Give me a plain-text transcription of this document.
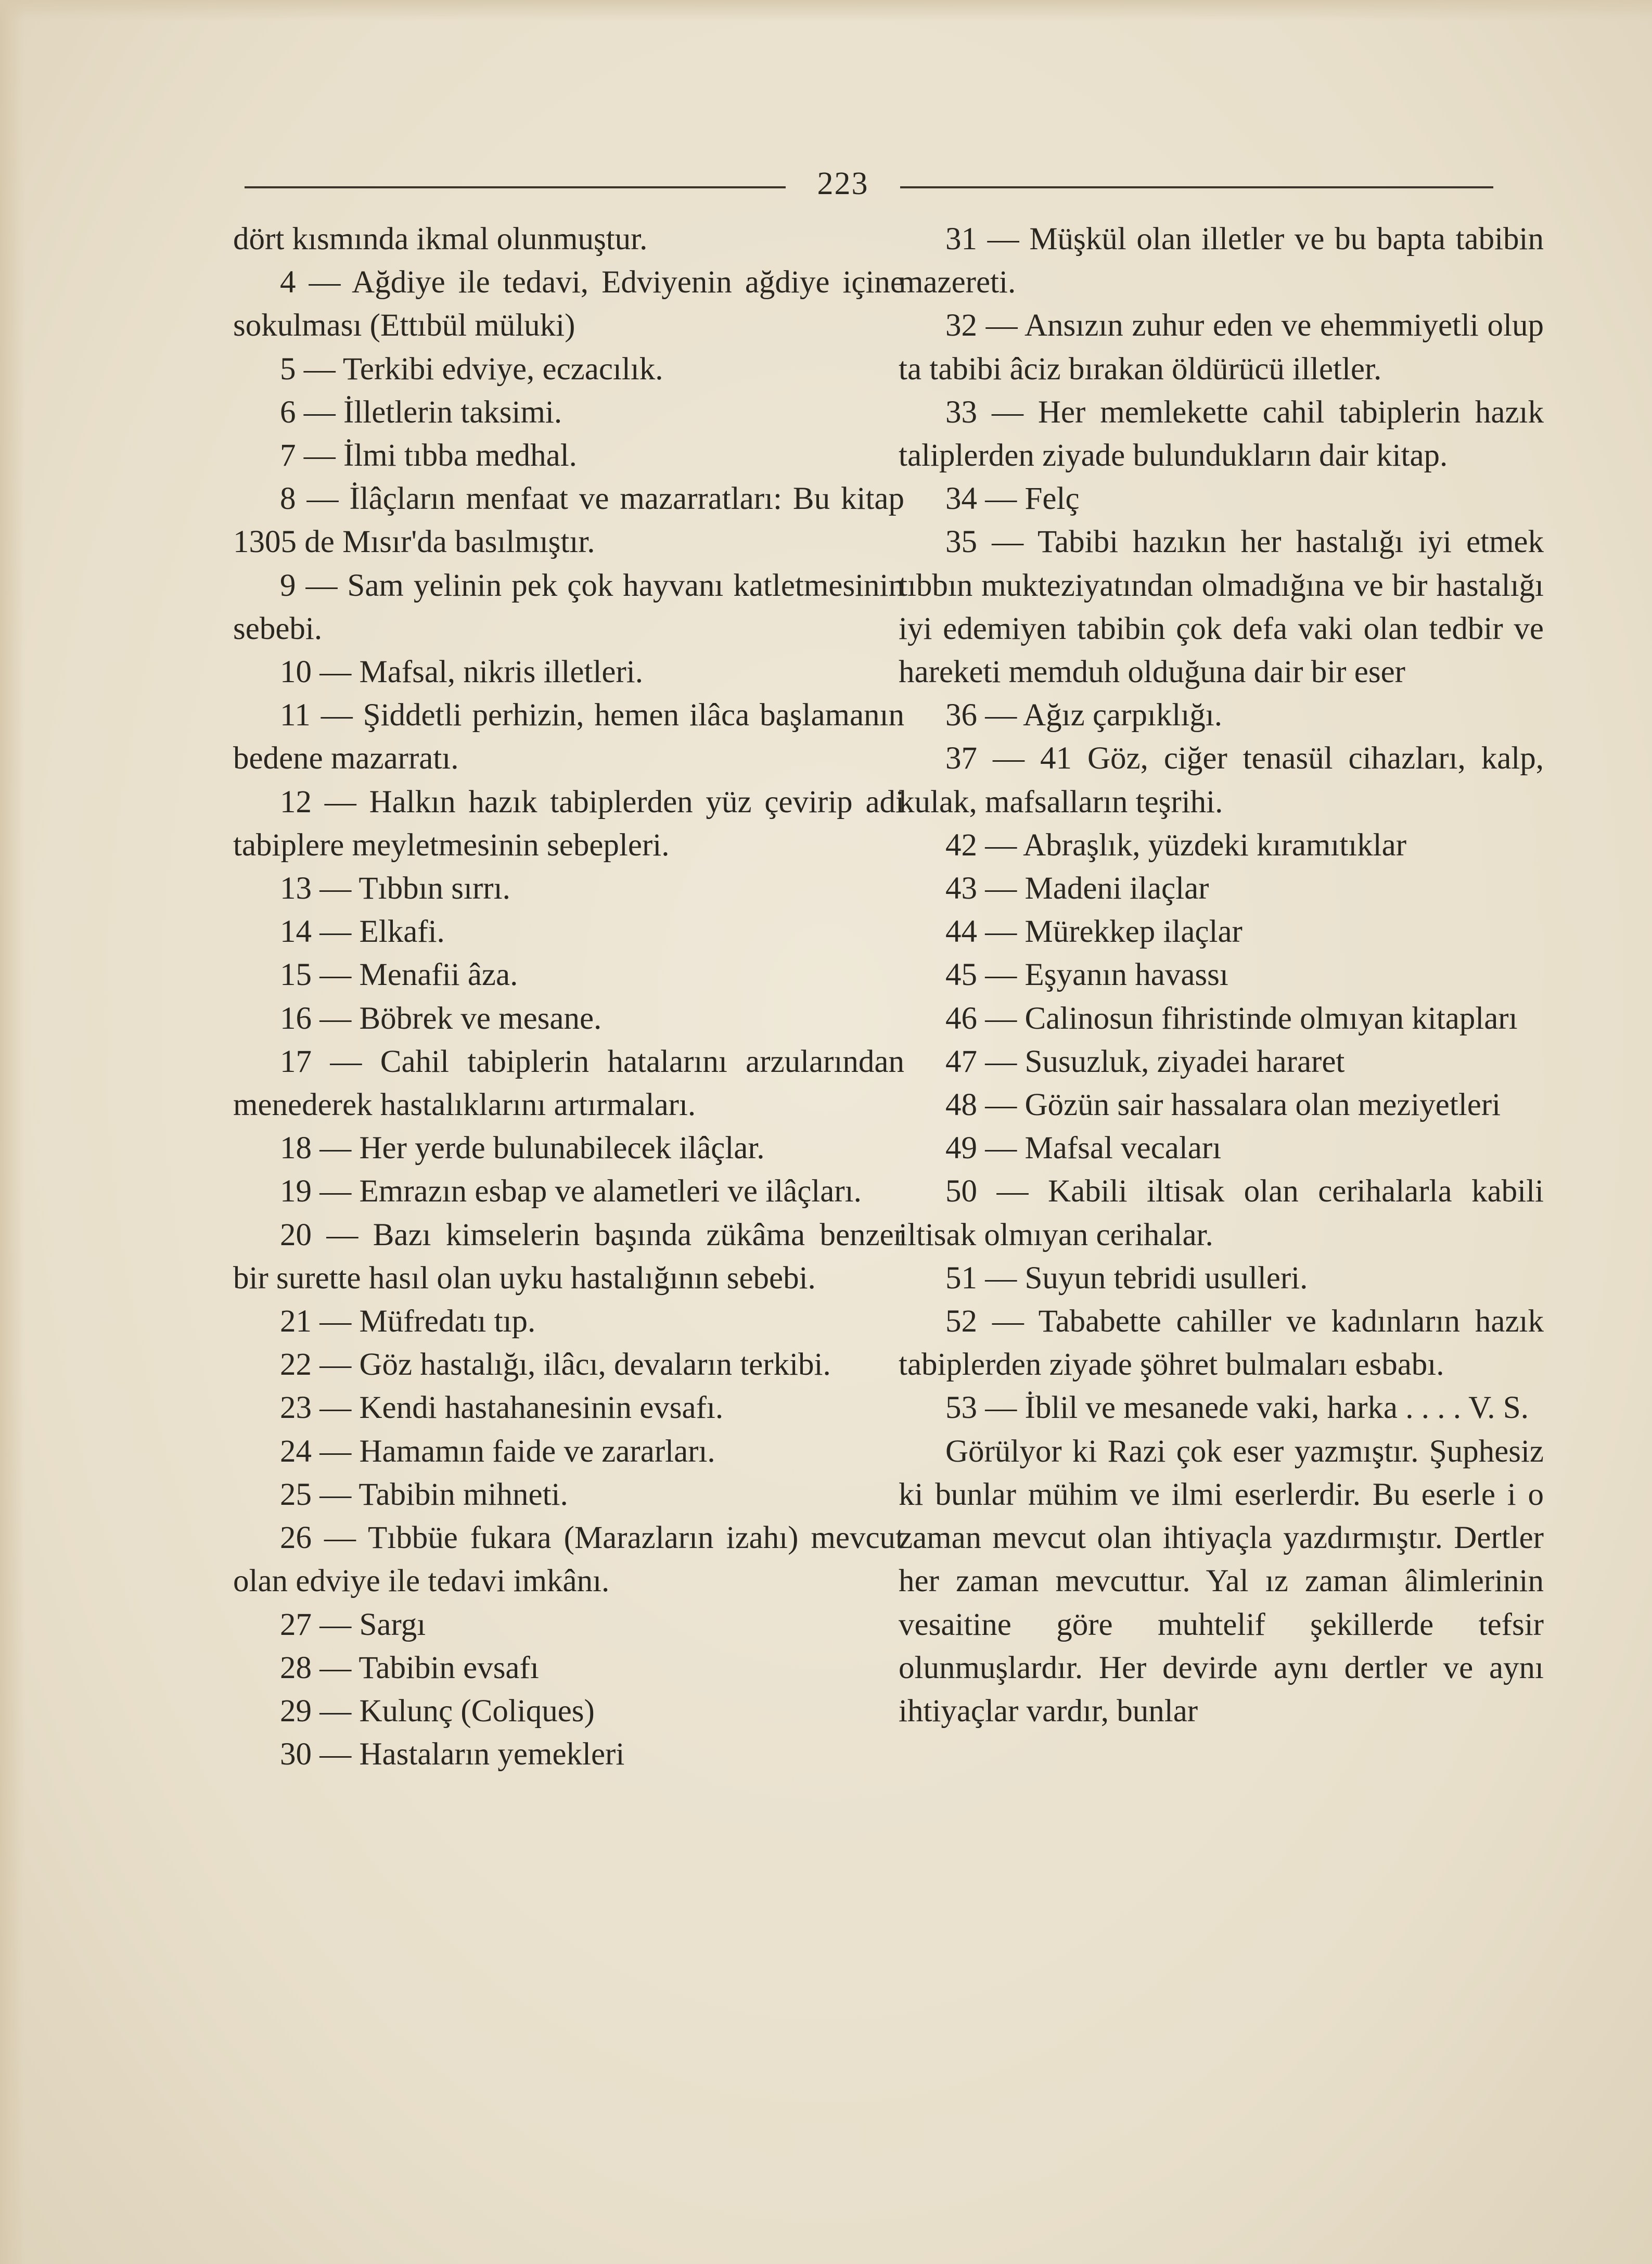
223

dört kısmında ikmal olunmuştur.

4 — Ağdiye ile tedavi, Edviyenin ağdiye içine sokulması (Ettıbül müluki)

5 — Terkibi edviye, eczacılık.

6 — İlletlerin taksimi.

7 — İlmi tıbba medhal.

8 — İlâçların menfaat ve mazarratları: Bu kitap 1305 de Mısır'da basılmıştır.

9 — Sam yelinin pek çok hayvanı katletmesinin sebebi.

10 — Mafsal, nikris illetleri.

11 — Şiddetli perhizin, hemen ilâca başlamanın bedene mazarratı.

12 — Halkın hazık tabiplerden yüz çevirip adi tabiplere meyletmesinin sebepleri.

13 — Tıbbın sırrı.

14 — Elkafi.

15 — Menafii âza.

16 — Böbrek ve mesane.

17 — Cahil tabiplerin hatalarını arzularından menederek hastalıklarını artırmaları.

18 — Her yerde bulunabilecek ilâçlar.

19 — Emrazın esbap ve alametleri ve ilâçları.

20 — Bazı kimselerin başında zükâma benzer bir surette hasıl olan uyku hastalığının sebebi.

21 — Müfredatı tıp.

22 — Göz hastalığı, ilâcı, devaların terkibi.

23 — Kendi hastahanesinin evsafı.

24 — Hamamın faide ve zararları.

25 — Tabibin mihneti.

26 — Tıbbüe fukara (Marazların izahı) mevcut olan edviye ile tedavi imkânı.

27 — Sargı

28 — Tabibin evsafı

29 — Kulunç (Coliques)

30 — Hastaların yemekleri

31 — Müşkül olan illetler ve bu bapta tabibin mazereti.

32 — Ansızın zuhur eden ve ehemmiyetli olup ta tabibi âciz bırakan öldürücü illetler.

33 — Her memlekette cahil tabiplerin hazık taliplerden ziyade bulundukların dair kitap.

34 — Felç

35 — Tabibi hazıkın her hastalığı iyi etmek tıbbın mukteziyatından olmadığına ve bir hastalığı iyi edemiyen tabibin çok defa vaki olan tedbir ve hareketi memduh olduğuna dair bir eser

36 — Ağız çarpıklığı.

37 — 41 Göz, ciğer tenasül cihazları, kalp, kulak, mafsalların teşrihi.

42 — Abraşlık, yüzdeki kıramıtıklar

43 — Madeni ilaçlar

44 — Mürekkep ilaçlar

45 — Eşyanın havassı

46 — Calinosun fihristinde olmıyan kitapları

47 — Susuzluk, ziyadei hararet

48 — Gözün sair hassalara olan meziyetleri

49 — Mafsal vecaları

50 — Kabili iltisak olan cerihalarla kabili iltisak olmıyan cerihalar.

51 — Suyun tebridi usulleri.

52 — Tababette cahiller ve kadınların hazık tabiplerden ziyade şöhret bulmaları esbabı.

53 — İblil ve mesanede vaki, harka . . . . V. S.

Görülyor ki Razi çok eser yazmıştır. Şuphesiz ki bunlar mühim ve ilmi eserlerdir. Bu eserle i o zaman mevcut olan ihtiyaçla yazdırmıştır. Dertler her zaman mevcuttur. Yal ız zaman âlimlerinin vesaitine göre muhtelif şekillerde tefsir olunmuşlardır. Her devirde aynı dertler ve aynı ihtiyaçlar vardır, bunlar
